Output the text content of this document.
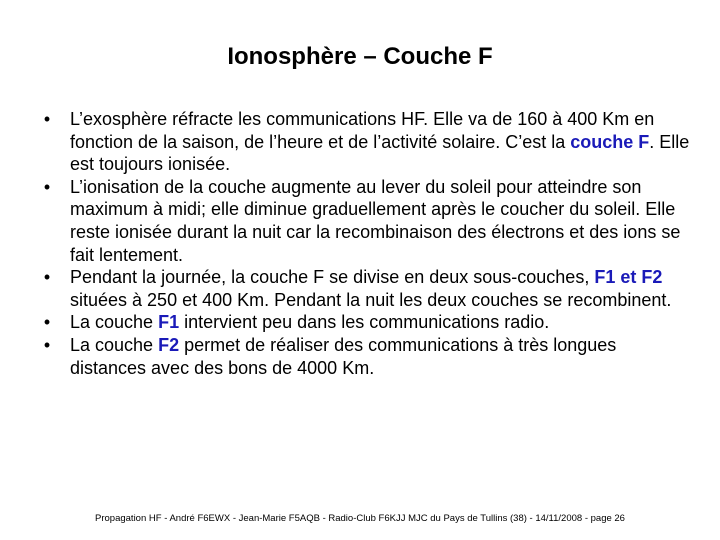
Ionosphère – Couche F
• L’exosphère réfracte les communications HF. Elle va de 160 à 400 Km en fonction de la saison, de l’heure et de l’activité solaire. C’est la couche F. Elle est toujours ionisée.
• L’ionisation de la couche augmente au lever du soleil pour atteindre son maximum à midi; elle diminue graduellement après le coucher du soleil. Elle reste ionisée durant la nuit car la recombinaison des électrons et des ions se fait lentement.
• Pendant la journée, la couche F se divise en deux sous-couches, F1 et F2 situées à 250 et 400 Km. Pendant la nuit les deux couches se recombinent.
• La couche F1 intervient peu dans les communications radio.
• La couche F2 permet de réaliser des communications à très longues distances avec des bons de 4000 Km.
Propagation HF - André F6EWX - Jean-Marie F5AQB - Radio-Club F6KJJ MJC du Pays de Tullins (38) - 14/11/2008 - page 26
